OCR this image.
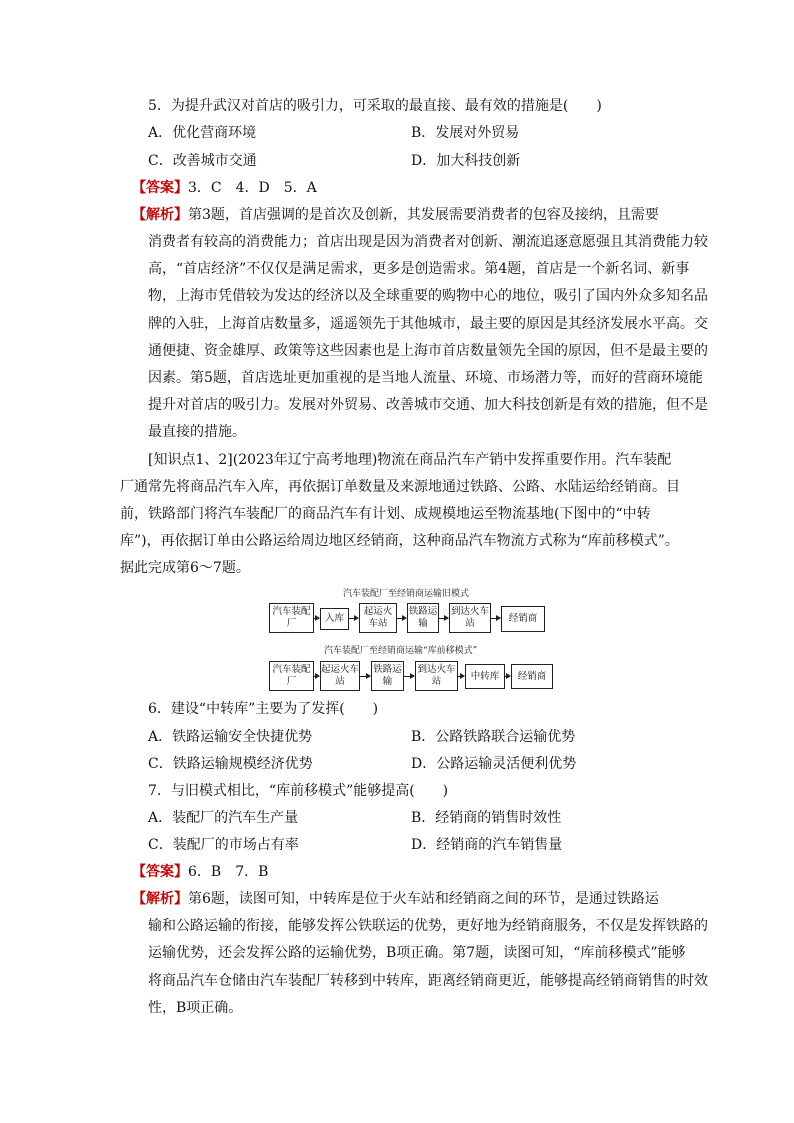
5．为提升武汉对首店的吸引力，可采取的最直接、最有效的措施是(　　)
A．优化营商环境	B．发展对外贸易
C．改善城市交通	D．加大科技创新
【答案】3．C　4．D　5．A
【解析】第3题，首店强调的是首次及创新，其发展需要消费者的包容及接纳，且需要
消费者有较高的消费能力；首店出现是因为消费者对创新、潮流追逐意愿强且其消费能力较
高，“首店经济”不仅仅是满足需求，更多是创造需求。第4题，首店是一个新名词、新事
物，上海市凭借较为发达的经济以及全球重要的购物中心的地位，吸引了国内外众多知名品
牌的入驻，上海首店数量多，遥遥领先于其他城市，最主要的原因是其经济发展水平高。交
通便捷、资金雄厚、政策等这些因素也是上海市首店数量领先全国的原因，但不是最主要的
因素。第5题，首店选址更加重视的是当地人流量、环境、市场潜力等，而好的营商环境能
提升对首店的吸引力。发展对外贸易、改善城市交通、加大科技创新是有效的措施，但不是
最直接的措施。
[知识点1、2](2023年辽宁高考地理)物流在商品汽车产销中发挥重要作用。汽车装配
厂通常先将商品汽车入库，再依据订单数量及来源地通过铁路、公路、水陆运给经销商。目
前，铁路部门将汽车装配厂的商品汽车有计划、成规模地运至物流基地(下图中的“中转
库”)，再依据订单由公路运给周边地区经销商，这种商品汽车物流方式称为“库前移模式”。
据此完成第6～7题。
汽车装配厂至经销商运输旧模式
汽车装配厂	入库
起运火车站
铁路运输
到达火车站	经销商
汽车装配厂至经销商运输“库前移模式”
汽车装配厂
起运火车站
铁路运输
到达火车站	中转库	经销商
6．建设“中转库”主要为了发挥(　　)
A．铁路运输安全快捷优势	B．公路铁路联合运输优势
C．铁路运输规模经济优势	D．公路运输灵活便利优势
7．与旧模式相比，“库前移模式”能够提高(　　)
A．装配厂的汽车生产量	B．经销商的销售时效性
C．装配厂的市场占有率	D．经销商的汽车销售量
【答案】6．B　7．B
【解析】第6题，读图可知，中转库是位于火车站和经销商之间的环节，是通过铁路运
输和公路运输的衔接，能够发挥公铁联运的优势，更好地为经销商服务，不仅是发挥铁路的
运输优势，还会发挥公路的运输优势，B项正确。第7题，读图可知，“库前移模式”能够
将商品汽车仓储由汽车装配厂转移到中转库，距离经销商更近，能够提高经销商销售的时效
性，B项正确。
